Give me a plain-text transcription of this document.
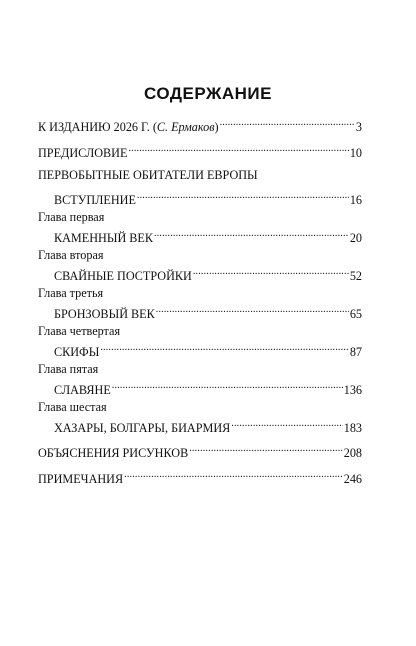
СОДЕРЖАНИЕ
К ИЗДАНИЮ 2026 Г. (С. Ермаков) .....	3
ПРЕДИСЛОВИЕ .....	10
ПЕРВОБЫТНЫЕ ОБИТАТЕЛИ ЕВРОПЫ
ВСТУПЛЕНИЕ .....	16
Глава первая
КАМЕННЫЙ ВЕК .....	20
Глава вторая
СВАЙНЫЕ ПОСТРОЙКИ .....	52
Глава третья
БРОНЗОВЫЙ ВЕК .....	65
Глава четвертая
СКИФЫ .....	87
Глава пятая
СЛАВЯНЕ .....	136
Глава шестая
ХАЗАРЫ, БОЛГАРЫ, БИАРМИЯ .....	183
ОБЪЯСНЕНИЯ РИСУНКОВ .....	208
ПРИМЕЧАНИЯ .....	246
